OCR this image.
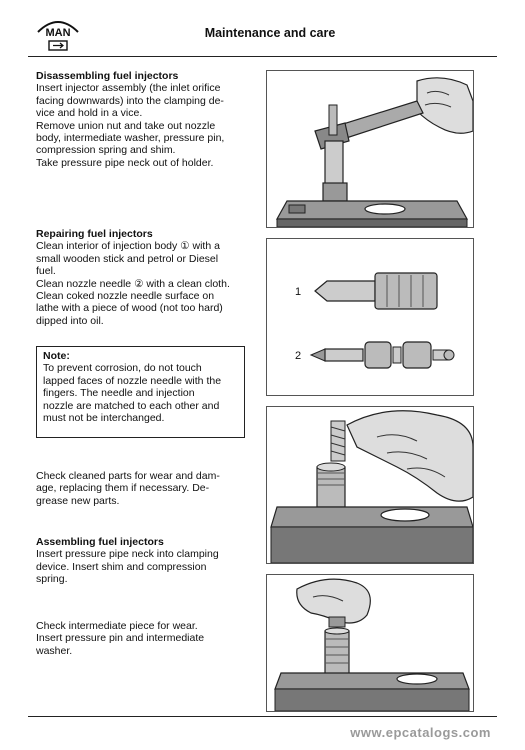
MAN	Maintenance and care
Disassembling fuel injectors
Insert injector assembly (the inlet orifice
facing downwards) into the clamping de-
vice and hold in a vice.
Remove union nut and take out nozzle
body, intermediate washer, pressure pin,
compression spring and shim.
Take pressure pipe neck out of holder.
Repairing fuel injectors
Clean interior of injection body ① with a
small wooden stick and petrol or Diesel
fuel.
Clean nozzle needle ② with a clean cloth.
Clean coked nozzle needle surface on
lathe with a piece of wood (not too hard)
dipped into oil.
Note:
To prevent corrosion, do not touch
lapped faces of nozzle needle with the
fingers. The needle and injection
nozzle are matched to each other and
must not be interchanged.
Check cleaned parts for wear and dam-
age, replacing them if necessary. De-
grease new parts.
Assembling fuel injectors
Insert pressure pipe neck into clamping
device. Insert shim and compression
spring.
Check intermediate piece for wear.
Insert pressure pin and intermediate
washer.
1
2
www.epcatalogs.com
